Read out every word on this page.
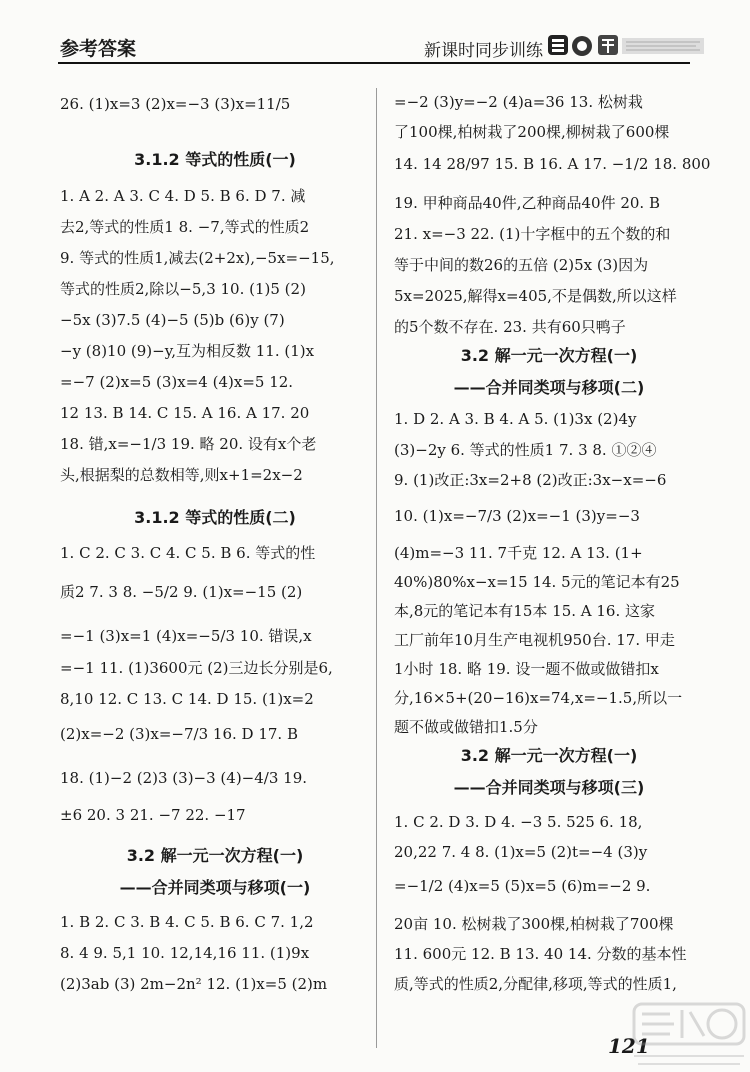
参考答案	新课时同步训练
26. (1)x=3 (2)x=−3 (3)x=11/5
3.1.2 等式的性质(一)
1. A 2. A 3. C 4. D 5. B 6. D 7. 减
去2,等式的性质1 8. −7,等式的性质2
9. 等式的性质1,减去(2+2x),−5x=−15,
等式的性质2,除以−5,3 10. (1)5 (2)
−5x (3)7.5 (4)−5 (5)b (6)y (7)
−y (8)10 (9)−y,互为相反数 11. (1)x
=−7 (2)x=5 (3)x=4 (4)x=5 12.
12 13. B 14. C 15. A 16. A 17. 20
18. 错,x=−1/3 19. 略 20. 设有x个老
头,根据梨的总数相等,则x+1=2x−2
3.1.2 等式的性质(二)
1. C 2. C 3. C 4. C 5. B 6. 等式的性
质2 7. 3 8. −5/2 9. (1)x=−15 (2)
=−1 (3)x=1 (4)x=−5/3 10. 错误,x
=−1 11. (1)3600元 (2)三边长分别是6,
8,10 12. C 13. C 14. D 15. (1)x=2
(2)x=−2 (3)x=−7/3 16. D 17. B
18. (1)−2 (2)3 (3)−3 (4)−4/3 19.
±6 20. 3 21. −7 22. −17
3.2 解一元一次方程(一)
——合并同类项与移项(一)
1. B 2. C 3. B 4. C 5. B 6. C 7. 1,2
8. 4 9. 5,1 10. 12,14,16 11. (1)9x
(2)3ab (3) 2m−2n² 12. (1)x=5 (2)m
=−2 (3)y=−2 (4)a=36 13. 松树栽
了100棵,柏树栽了200棵,柳树栽了600棵
14. 14 28/97 15. B 16. A 17. −1/2 18. 800
19. 甲种商品40件,乙种商品40件 20. B
21. x=−3 22. (1)十字框中的五个数的和
等于中间的数26的五倍 (2)5x (3)因为
5x=2025,解得x=405,不是偶数,所以这样
的5个数不存在. 23. 共有60只鸭子
3.2 解一元一次方程(一)
——合并同类项与移项(二)
1. D 2. A 3. B 4. A 5. (1)3x (2)4y
(3)−2y 6. 等式的性质1 7. 3 8. ①②④
9. (1)改正:3x=2+8 (2)改正:3x−x=−6
10. (1)x=−7/3 (2)x=−1 (3)y=−3
(4)m=−3 11. 7千克 12. A 13. (1+
40%)80%x−x=15 14. 5元的笔记本有25
本,8元的笔记本有15本 15. A 16. 这家
工厂前年10月生产电视机950台. 17. 甲走
1小时 18. 略 19. 设一题不做或做错扣x
分,16×5+(20−16)x=74,x=−1.5,所以一
题不做或做错扣1.5分
3.2 解一元一次方程(一)
——合并同类项与移项(三)
1. C 2. D 3. D 4. −3 5. 525 6. 18,
20,22 7. 4 8. (1)x=5 (2)t=−4 (3)y
=−1/2 (4)x=5 (5)x=5 (6)m=−2 9.
20亩 10. 松树栽了300棵,柏树栽了700棵
11. 600元 12. B 13. 40 14. 分数的基本性
质,等式的性质2,分配律,移项,等式的性质1,
121
